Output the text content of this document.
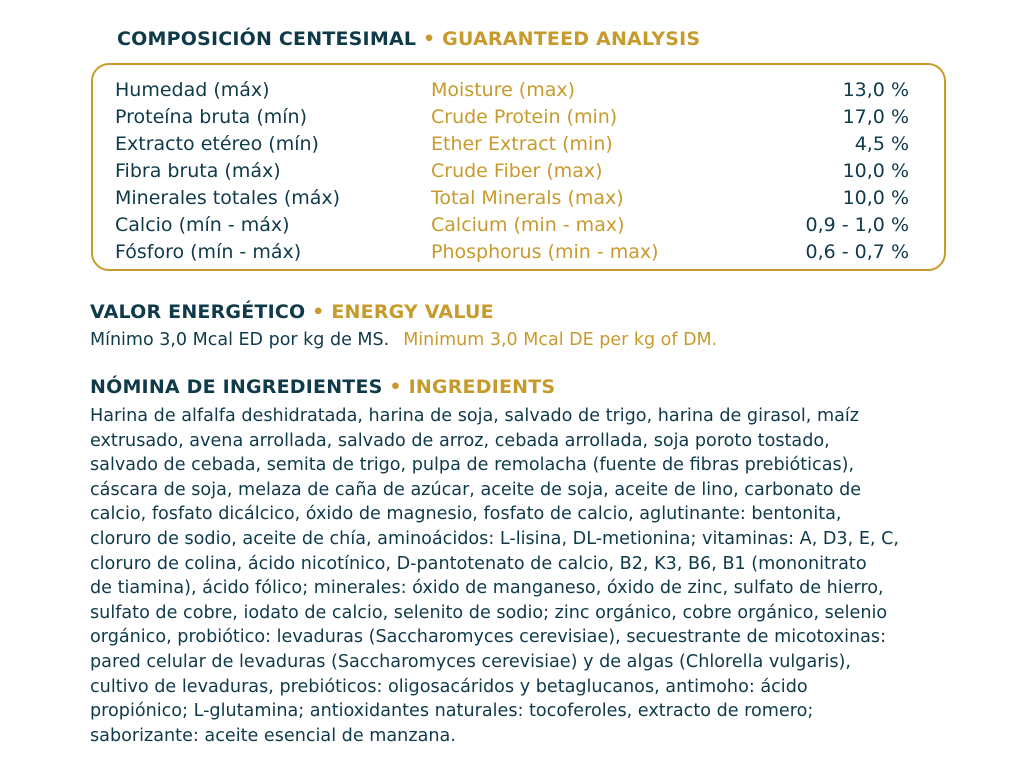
COMPOSICIÓN CENTESIMAL • GUARANTEED ANALYSIS
Humedad (máx)	Moisture (max)	13,0 %
Proteína bruta (mín)	Crude Protein (min)	17,0 %
Extracto etéreo (mín)	Ether Extract (min)	4,5 %
Fibra bruta (máx)	Crude Fiber (max)	10,0 %
Minerales totales (máx)	Total Minerals (max)	10,0 %
Calcio (mín - máx)	Calcium (min - max)	0,9 - 1,0 %
Fósforo (mín - máx)	Phosphorus (min - max)	0,6 - 0,7 %
VALOR ENERGÉTICO • ENERGY VALUE
Mínimo 3,0 Mcal ED por kg de MS. Minimum 3,0 Mcal DE per kg of DM.
NÓMINA DE INGREDIENTES • INGREDIENTS
Harina de alfalfa deshidratada, harina de soja, salvado de trigo, harina de girasol, maíz
extrusado, avena arrollada, salvado de arroz, cebada arrollada, soja poroto tostado,
salvado de cebada, semita de trigo, pulpa de remolacha (fuente de fibras prebióticas),
cáscara de soja, melaza de caña de azúcar, aceite de soja, aceite de lino, carbonato de
calcio, fosfato dicálcico, óxido de magnesio, fosfato de calcio, aglutinante: bentonita,
cloruro de sodio, aceite de chía, aminoácidos: L-lisina, DL-metionina; vitaminas: A, D3, E, C,
cloruro de colina, ácido nicotínico, D-pantotenato de calcio, B2, K3, B6, B1 (mononitrato
de tiamina), ácido fólico; minerales: óxido de manganeso, óxido de zinc, sulfato de hierro,
sulfato de cobre, iodato de calcio, selenito de sodio; zinc orgánico, cobre orgánico, selenio
orgánico, probiótico: levaduras (Saccharomyces cerevisiae), secuestrante de micotoxinas:
pared celular de levaduras (Saccharomyces cerevisiae) y de algas (Chlorella vulgaris),
cultivo de levaduras, prebióticos: oligosacáridos y betaglucanos, antimoho: ácido
propiónico; L-glutamina; antioxidantes naturales: tocoferoles, extracto de romero;
saborizante: aceite esencial de manzana.
